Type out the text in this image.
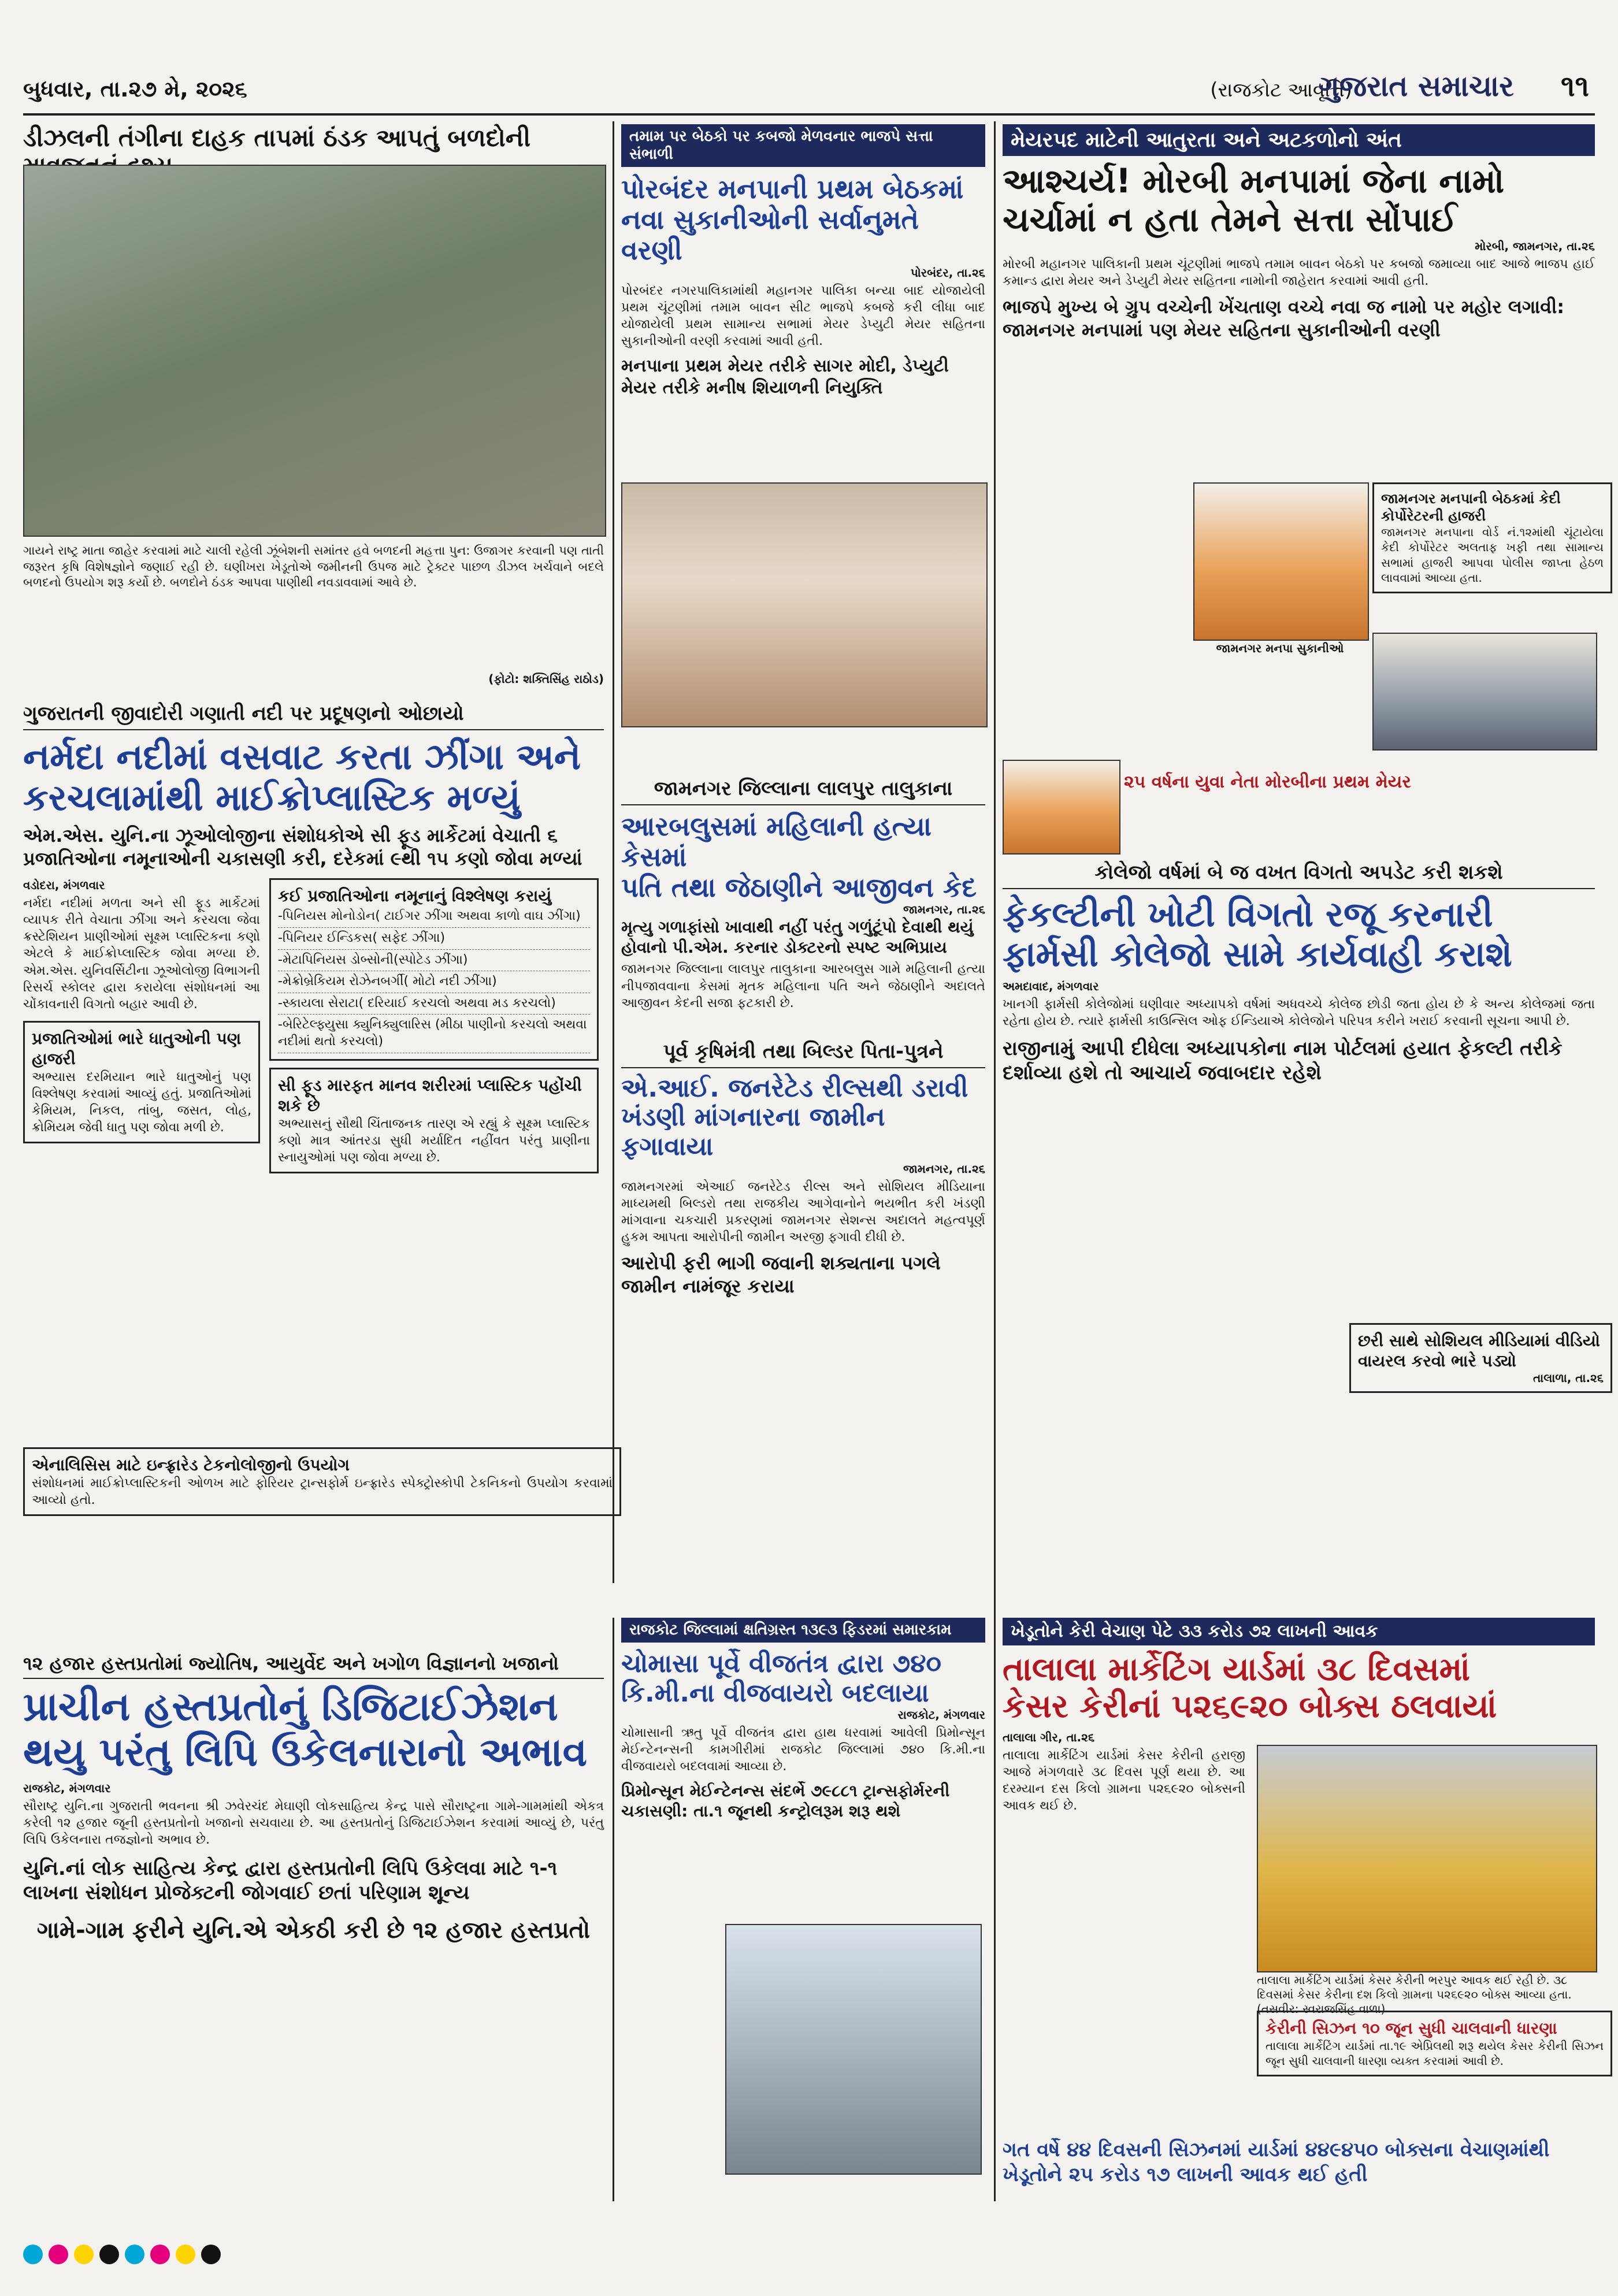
બુધવાર, તા.૨૭ મે, ૨૦૨૬	(રાજકોટ આવૃત્તિ)
ગુજરાત સમાચાર ૧૧
ડીઝલની તંગીના દાહક તાપમાં ઠંડક આપતું બળદોની
ગાયને રાષ્ટ્ર માતા જાહેર કરવામાં માટે ચાલી રહેલી ઝૂંબેશની સમાંતર હવે બળદની મહત્તા પુન: ઉજાગર કરવાની પણ તાતી જરૂરત કૃષિ વિશેષજ્ઞોને જણાઈ રહી છે. ઘણીખરા ખેડૂતોએ જમીનની ઉપજ માટે ટ્રેક્ટર પાછળ ડીઝલ ખર્ચવાને બદલે બળદનો ઉપયોગ શરૂ કર્યો છે. બળદોને ઠંડક આપવા પાણીથી નવડાવવામાં આવે છે.
(ફોટો: શક્તિસિંહ રાઠોડ)
ગુજરાતની જીવાદોરી ગણાતી નદી પર પ્રદૂષણનો ઓછાયો
નર્મદા નદીમાં વસવાટ કરતા ઝીંગા અને
કરચલામાંથી માઈક્રોપ્લાસ્ટિક મળ્યું
એમ.એસ. યુનિ.ના ઝૂઓલોજીના સંશોધકોએ સી ફૂડ માર્કેટમાં વેચાતી ૬ પ્રજાતિઓના નમૂનાઓની ચકાસણી કરી, દરેકમાં ૯થી ૧૫ કણો જોવા મળ્યાં
વડોદરા, મંગળવાર
નર્મદા નદીમાં મળતા અને સી ફૂડ માર્કેટમાં વ્યાપક રીતે વેચાતા ઝીંગા અને કરચલા જેવા ક્રસ્ટેશિયન પ્રાણીઓમાં સૂક્ષ્મ પ્લાસ્ટિકના કણો એટલે કે માઈક્રોપ્લાસ્ટિક જોવા મળ્યા છે. એમ.એસ. યુનિવર્સિટીના ઝૂઓલોજી વિભાગની રિસર્ચ સ્કોલર દ્વારા કરાયેલા સંશોધનમાં આ ચોંકાવનારી વિગતો બહાર આવી છે.
પ્રજાતિઓમાં ભારે ધાતુઓની પણ હાજરી
અભ્યાસ દરમિયાન ભારે ધાતુઓનું પણ વિશ્લેષણ કરવામાં આવ્યું હતું. પ્રજાતિઓમાં કેમિયમ, નિકલ, તાંબુ, જસત, લોહ, ક્રોમિયમ જેવી ધાતુ પણ જોવા મળી છે.
કઈ પ્રજાતિઓના નમૂનાનું વિશ્લેષણ કરાયું
-પિનિયસ મોનોડોન( ટાઈગર ઝીંગા અથવા કાળો વાઘ ઝીંગા)
-પિનિયર ઈન્ડિકસ( સફેદ ઝીંગા)
-મેટાપિનિયસ ડોબ્સોની(સ્પોટેડ ઝીંગા)
-મેક્રોબ્રેકિયમ રોઝેનબર્ગી( મોટો નદી ઝીંગા)
-સ્કાયલા સેરાટા( દરિયાઈ કરચલો અથવા મડ કરચલો)
-બેરિટેલ્ફ્યુસા ક્યુનિક્યુલારિસ (મીઠા પાણીનો કરચલો અથવા નદીમાં થતો કરચલો)
સી ફૂડ મારફત માનવ શરીરમાં પ્લાસ્ટિક પહોંચી શકે છે
અભ્યાસનું સૌથી ચિંતાજનક તારણ એ રહ્યું કે સૂક્ષ્મ પ્લાસ્ટિક કણો માત્ર આંતરડા સુધી મર્યાદિત નહીંવત પરંતુ પ્રાણીના સ્નાયુઓમાં પણ જોવા મળ્યા છે.
એનાલિસિસ માટે ઇન્ફ્રારેડ ટેકનોલોજીનો ઉપયોગ
સંશોધનમાં માઈક્રોપ્લાસ્ટિકની ઓળખ માટે ફોરિયર ટ્રાન્સફોર્મ ઇન્ફ્રારેડ સ્પેક્ટ્રોસ્કોપી ટેકનિકનો ઉપયોગ કરવામાં આવ્યો હતો.
૧૨ હજાર હસ્તપ્રતોમાં જ્યોતિષ, આયુર્વેદ અને ખગોળ વિજ્ઞાનનો ખજાનો
પ્રાચીન હસ્તપ્રતોનું ડિજિટાઈઝેશન
થયુ પરંતુ લિપિ ઉકેલનારાનો અભાવ
રાજકોટ, મંગળવાર
સૌરાષ્ટ્ર યુનિ.ના ગુજરાતી ભવનના શ્રી ઝવેરચંદ મેઘાણી લોકસાહિત્ય કેન્દ્ર પાસે સૌરાષ્ટ્રના ગામે-ગામમાંથી એકત્ર કરેલી ૧૨ હજાર જૂની હસ્તપ્રતોનો ખજાનો સચવાયા છે. આ હસ્તપ્રતોનું ડિજિટાઈઝેશન કરવામાં આવ્યું છે, પરંતુ લિપિ ઉકેલનારા તજજ્ઞોનો અભાવ છે.
યુનિ.નાં લોક સાહિત્ય કેન્દ્ર દ્વારા હસ્તપ્રતોની લિપિ ઉકેલવા માટે ૧-૧ લાખના સંશોધન પ્રોજેક્ટની જોગવાઈ છતાં પરિણામ શૂન્ય
ગામે-ગામ ફરીને યુનિ.એ એકઠી કરી છે ૧૨ હજાર હસ્તપ્રતો
તમામ પર બેઠકો પર કબજો મેળવનાર ભાજપે સત્તા સંભાળી
પોરબંદર મનપાની પ્રથમ બેઠકમાં
નવા સુકાનીઓની સર્વાનુમતે વરણી
પોરબંદર, તા.૨૬
પોરબંદર નગરપાલિકામાંથી મહાનગર પાલિકા બન્યા બાદ યોજાયેલી પ્રથમ ચૂંટણીમાં તમામ બાવન સીટ ભાજપે કબજે કરી લીધા બાદ યોજાયેલી પ્રથમ સામાન્ય સભામાં મેયર ડેપ્યુટી મેયર સહિતના સુકાનીઓની વરણી કરવામાં આવી હતી.
મનપાના પ્રથમ મેયર તરીકે સાગર મોદી, ડેપ્યુટી મેયર તરીકે મનીષ શિયાળની નિયુક્તિ
જામનગર જિલ્લાના લાલપુર તાલુકાના
આરબલુસમાં મહિલાની હત્યા કેસમાં
પતિ તથા જેઠાણીને આજીવન કેદ
જામનગર, તા.૨૬
મૃત્યુ ગળાફાંસો ખાવાથી નહીં પરંતુ ગળુંટૂંપો દેવાથી થયું હોવાનો પી.એમ. કરનાર ડોક્ટરનો સ્પષ્ટ અભિપ્રાય
જામનગર જિલ્લાના લાલપુર તાલુકાના આરબલુસ ગામે મહિલાની હત્યા નીપજાવવાના કેસમાં મૃતક મહિલાના પતિ અને જેઠાણીને અદાલતે આજીવન કેદની સજા ફટકારી છે.
પૂર્વ કૃષિમંત્રી તથા બિલ્ડર પિતા-પુત્રને
એ.આઈ. જનરેટેડ રીલ્સથી ડરાવી
ખંડણી માંગનારના જામીન ફગાવાયા
જામનગર, તા.૨૬
જામનગરમાં એઆઈ જનરેટેડ રીલ્સ અને સોશિયલ મીડિયાના માધ્યમથી બિલ્ડરો તથા રાજકીય આગેવાનોને ભયભીત કરી ખંડણી માંગવાના ચકચારી પ્રકરણમાં જામનગર સેશન્સ અદાલતે મહત્વપૂર્ણ હુકમ આપતા આરોપીની જામીન અરજી ફગાવી દીધી છે.
આરોપી ફરી ભાગી જવાની શક્યતાના પગલે જામીન નામંજૂર કરાયા
રાજકોટ જિલ્લામાં ક્ષતિગ્રસ્ત ૧૩૯૩ ફિડરમાં સમારકામ
ચોમાસા પૂર્વે વીજતંત્ર દ્વારા ૭૪૦
કિ.મી.ના વીજવાયરો બદલાયા
રાજકોટ, મંગળવાર
ચોમાસાની ઋતુ પૂર્વે વીજતંત્ર દ્વારા હાથ ધરવામાં આવેલી પ્રિમોન્સૂન મેઈન્ટેનન્સની કામગીરીમાં રાજકોટ જિલ્લામાં ૭૪૦ કિ.મી.ના વીજવાયરો બદલવામાં આવ્યા છે.
પ્રિમોન્સૂન મેઈન્ટેનન્સ સંદર્ભે ૭૯૮૮૧ ટ્રાન્સફોર્મરની ચકાસણી: તા.૧ જૂનથી કન્ટ્રોલરૂમ શરૂ થશે
મેયરપદ માટેની આતુરતા અને અટકળોનો અંત
આશ્ચર્ય! મોરબી મનપામાં જેના નામો
ચર્ચામાં ન હતા તેમને સત્તા સોંપાઈ
મોરબી, જામનગર, તા.૨૬
મોરબી મહાનગર પાલિકાની પ્રથમ ચૂંટણીમાં ભાજપે તમામ બાવન બેઠકો પર કબજો જમાવ્યા બાદ આજે ભાજપ હાઈ કમાન્ડ દ્વારા મેયર અને ડેપ્યુટી મેયર સહિતના નામોની જાહેરાત કરવામાં આવી હતી.
ભાજપે મુખ્ય બે ગ્રુપ વચ્ચેની ખેંચતાણ વચ્ચે નવા જ નામો પર મહોર લગાવી: જામનગર મનપામાં પણ મેયર સહિતના સુકાનીઓની વરણી
જામનગર મનપા સુકાનીઓ
જામનગર મનપાની બેઠકમાં કેદી કોર્પોરેટરની હાજરી
જામનગર મનપાના વોર્ડ નં.૧૨માંથી ચૂંટાયેલા કેદી કોર્પોરેટર અલતાફ ખફી તથા સામાન્ય સભામાં હાજરી આપવા પોલીસ જાપ્તા હેઠળ લાવવામાં આવ્યા હતા.
૨૫ વર્ષના યુવા નેતા મોરબીના પ્રથમ મેયર
કોલેજો વર્ષમાં બે જ વખત વિગતો અપડેટ કરી શકશે
ફેકલ્ટીની ખોટી વિગતો રજૂ કરનારી
ફાર્મસી કોલેજો સામે કાર્યવાહી કરાશે
અમદાવાદ, મંગળવાર
ખાનગી ફાર્મસી કોલેજોમાં ઘણીવાર અધ્યાપકો વર્ષમાં અધવચ્ચે કોલેજ છોડી જતા હોય છે કે અન્ય કોલેજમાં જતા રહેતા હોય છે. ત્યારે ફાર્મસી કાઉન્સિલ ઓફ ઈન્ડિયાએ કોલેજોને પરિપત્ર કરીને ખરાઈ કરવાની સૂચના આપી છે.
રાજીનામું આપી દીધેલા અધ્યાપકોના નામ પોર્ટલમાં હયાત ફેકલ્ટી તરીકે દર્શાવ્યા હશે તો આચાર્ય જવાબદાર રહેશે
છરી સાથે સોશિયલ મીડિયામાં વીડિયો વાયરલ કરવો ભારે પડ્યો
તાલાળા, તા.૨૬
ખેડૂતોને કેરી વેચાણ પેટે ૩૩ કરોડ ૭૨ લાખની આવક
તાલાલા માર્કેટિંગ યાર્ડમાં ૩૮ દિવસમાં
કેસર કેરીનાં ૫૨૬૯૨૦ બોક્સ ઠલવાયાં
તાલાલા ગીર, તા.૨૬
તાલાલા માર્કેટિંગ યાર્ડમાં કેસર કેરીની હરાજી આજે મંગળવારે ૩૮ દિવસ પૂર્ણ થયા છે. આ દરમ્યાન દસ કિલો ગ્રામના ૫૨૬૯૨૦ બોક્સની આવક થઈ છે.
તાલાલા માર્કેટિંગ યાર્ડમાં કેસર કેરીની ભરપુર આવક થઈ રહી છે. ૩૮ દિવસમાં કેસર કેરીના દશ કિલો ગ્રામના ૫૨૬૯૨૦ બોક્સ આવ્યા હતા. (તસવીર: સ્વરાજસિંહ વાળા)
કેરીની સિઝન ૧૦ જૂન સુધી ચાલવાની ધારણા
તાલાલા માર્કેટિંગ યાર્ડમાં તા.૧૯ એપ્રિલથી શરૂ થયેલ કેસર કેરીની સિઝન જૂન સુધી ચાલવાની ધારણા વ્યક્ત કરવામાં આવી છે.
ગત વર્ષે ૪૪ દિવસની સિઝનમાં યાર્ડમાં ૪૪૯૪૫૦ બોક્સના વેચાણમાંથી ખેડૂતોને ૨૫ કરોડ ૧૭ લાખની આવક થઈ હતી
